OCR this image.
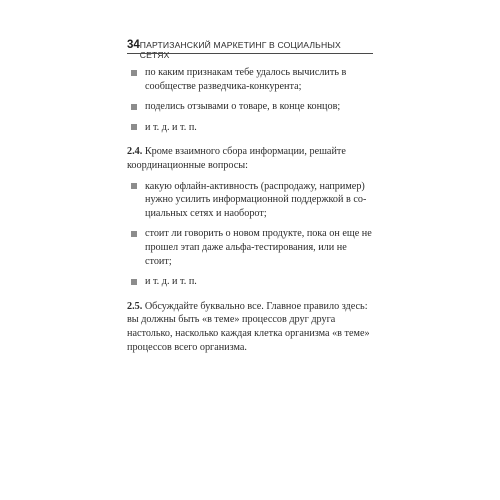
34 ПАРТИЗАНСКИЙ МАРКЕТИНГ В СОЦИАЛЬНЫХ СЕТЯХ
по каким признакам тебе удалось вычислить в сообществе разведчика-конкурента;
поделись отзывами о товаре, в конце концов;
и т. д. и т. п.

2.4. Кроме взаимного сбора информации, решайте координационные вопросы:

какую офлайн-активность (распродажу, например) нужно усилить информационной поддержкой в социальных сетях и наоборот;
стоит ли говорить о новом продукте, пока он еще не прошел этап даже альфа-тестирования, или не стоит;
и т. д. и т. п.

2.5. Обсуждайте буквально все. Главное правило здесь: вы должны быть «в теме» процессов друг друга настолько, насколько каждая клетка организма «в теме» процессов всего организма.
